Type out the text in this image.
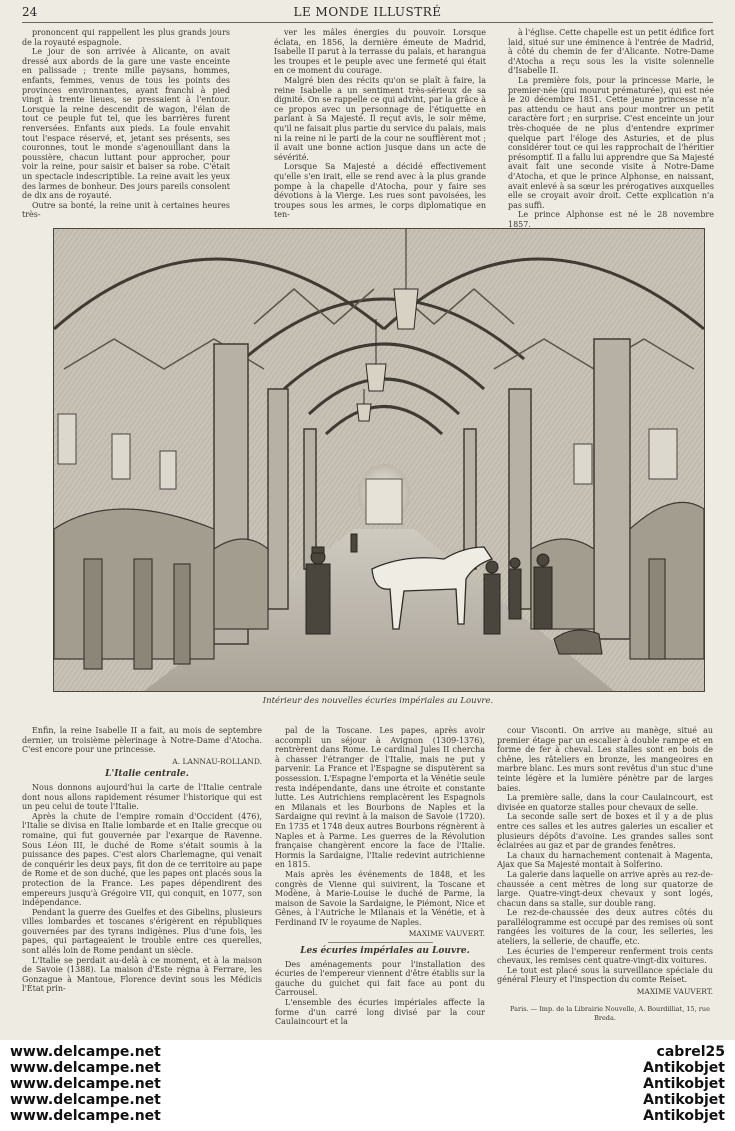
24	LE MONDE ILLUSTRÉ

prononcent qui rappellent les plus grands jours de la royauté espagnole.

Le jour de son arrivée à Alicante, on avait dressé aux abords de la gare une vaste enceinte en palissade ; trente mille paysans, hommes, enfants, femmes, venus de tous les points des provinces environnantes, ayant franchi à pied vingt à trente lieues, se pressaient à l'entour. Lorsque la reine descendit de wagon, l'élan de tout ce peuple fut tel, que les barrières furent renversées. Enfants aux pieds. La foule envahit tout l'espace réservé, et, jetant ses présents, ses couronnes, tout le monde s'agenouillant dans la poussière, chacun luttant pour approcher, pour voir la reine, pour saisir et baiser sa robe. C'était un spectacle indescriptible. La reine avait les yeux des larmes de bonheur. Des jours pareils consolent de dix ans de royauté.

Outre sa bonté, la reine unit à certaines heures très-

ver les mâles énergies du pouvoir. Lorsque éclata, en 1856, la dernière émeute de Madrid, Isabelle II parut à la terrasse du palais, et harangua les troupes et le peuple avec une fermeté qui était en ce moment du courage.

Malgré bien des récits qu'on se plaît à faire, la reine Isabelle a un sentiment très-sérieux de sa dignité. On se rappelle ce qui advint, par la grâce à ce propos avec un personnage de l'étiquette en parlant à Sa Majesté. Il reçut avis, le soir même, qu'il ne faisait plus partie du service du palais, mais ni la reine ni le parti de la cour ne soufflèrent mot ; il avait une bonne action jusque dans un acte de sévérité.

Lorsque Sa Majesté a décidé effectivement qu'elle s'en irait, elle se rend avec à la plus grande pompe à la chapelle d'Atocha, pour y faire ses dévotions à la Vierge. Les rues sont pavoisées, les troupes sous les armes, le corps diplomatique en ten-

à l'église. Cette chapelle est un petit édifice fort laid, situé sur une éminence à l'entrée de Madrid, à côté du chemin de fer d'Alicante. Notre-Dame d'Atocha a reçu sous les la visite solennelle d'Isabelle II.

La première fois, pour la princesse Marie, le premier-née (qui mourut prématurée), qui est née le 20 décembre 1851. Cette jeune princesse n'a pas attendu ce haut ans pour montrer un petit caractère fort ; en surprise. C'est enceinte un jour très-choquée de ne plus d'entendre exprimer quelque part l'éloge des Asturies, et de plus considérer tout ce qui les rapprochait de l'héritier présomptif. Il a fallu lui apprendre que Sa Majesté avait fait une seconde visite à Notre-Dame d'Atocha, et que le prince Alphonse, en naissant, avait enlevé à sa sœur les prérogatives auxquelles elle se croyait avoir droit. Cette explication n'a pas suffi.

Le prince Alphonse est né le 28 novembre 1857.

Intérieur des nouvelles écuries impériales au Louvre.

Enfin, la reine Isabelle II a fait, au mois de septembre dernier, un troisième pèlerinage à Notre-Dame d'Atocha. C'est encore pour une princesse.

A. LANNAU-ROLLAND.

L'Italie centrale.

Nous donnons aujourd'hui la carte de l'Italie centrale dont nous allons rapidement résumer l'historique qui est un peu celui de toute l'Italie.

Après la chute de l'empire romain d'Occident (476), l'Italie se divisa en Italie lombarde et en Italie grecque ou romaine, qui fut gouvernée par l'exarque de Ravenne. Sous Léon III, le duché de Rome s'était soumis à la puissance des papes. C'est alors Charlemagne, qui venait de conquérir les deux pays, fit don de ce territoire au pape de Rome et de son duché, que les papes ont placés sous la protection de la France. Les papes dépendirent des empereurs jusqu'à Grégoire VII, qui conquit, en 1077, son indépendance.

Pendant la guerre des Guelfes et des Gibelins, plusieurs villes lombardes et toscanes s'érigèrent en républiques gouvernées par des tyrans indigènes. Plus d'une fois, les papes, qui partageaient le trouble entre ces querelles, sont allés loin de Rome pendant un siècle.

L'Italie se perdait au-delà à ce moment, et à la maison de Savoie (1388). La maison d'Este régna à Ferrare, les Gonzague à Mantoue, Florence devint sous les Médicis l'État prin-

pal de la Toscane. Les papes, après avoir accompli un séjour à Avignon (1309-1376), rentrèrent dans Rome. Le cardinal Jules II chercha à chasser l'étranger de l'Italie, mais ne put y parvenir. La France et l'Espagne se disputèrent sa possession. L'Espagne l'emporta et la Vénétie seule resta indépendante, dans une étroite et constante lutte. Les Autrichiens remplacèrent les Espagnols en Milanais et les Bourbons de Naples et la Sardaigne qui revint à la maison de Savoie (1720). En 1735 et 1748 deux autres Bourbons régnèrent à Naples et à Parme. Les guerres de la Révolution française changèrent encore la face de l'Italie. Hormis la Sardaigne, l'Italie redevint autrichienne en 1815.

Mais après les événements de 1848, et les congrès de Vienne qui suivirent, la Toscane et Modène, à Marie-Louise le duché de Parme, la maison de Savoie la Sardaigne, le Piémont, Nice et Gênes, à l'Autriche le Milanais et la Vénétie, et à Ferdinand IV le royaume de Naples.

MAXIME VAUVERT.

Les écuries impériales au Louvre.

Des aménagements pour l'installation des écuries de l'empereur viennent d'être établis sur la gauche du guichet qui fait face au pont du Carrousel.

L'ensemble des écuries impériales affecte la forme d'un carré long divisé par la cour Caulaincourt et la

cour Visconti. On arrive au manège, situé au premier étage par un escalier à double rampe et en forme de fer à cheval. Les stalles sont en bois de chêne, les râteliers en bronze, les mangeoires en marbre blanc. Les murs sont revêtus d'un stuc d'une teinte légère et la lumière pénètre par de larges baies.

La première salle, dans la cour Caulaincourt, est divisée en quatorze stalles pour chevaux de selle.

La seconde salle sert de boxes et il y a de plus entre ces salles et les autres galeries un escalier et plusieurs dépôts d'avoine. Les grandes salles sont éclairées au gaz et par de grandes fenêtres.

La chaux du harnachement contenait à Magenta, Ajax que Sa Majesté montait à Solferino.

La galerie dans laquelle on arrive après au rez-de-chaussée a cent mètres de long sur quatorze de large. Quatre-vingt-deux chevaux y sont logés, chacun dans sa stalle, sur double rang.

Le rez-de-chaussée des deux autres côtés du parallélogramme est occupé par des remises où sont rangées les voitures de la cour, les selleries, les ateliers, la sellerie, de chauffe, etc.

Les écuries de l'empereur renferment trois cents chevaux, les remises cent quatre-vingt-dix voitures.

Le tout est placé sous la surveillance spéciale du général Fleury et l'inspection du comte Reiset.

MAXIME VAUVERT.

Paris. — Imp. de la Librairie Nouvelle, A. Bourdilliat, 15, rue Breda.

www.delcampe.net
www.delcampe.net
www.delcampe.net
www.delcampe.net
www.delcampe.net
cabrel25
Antikobjet
Antikobjet
Antikobjet
Antikobjet
